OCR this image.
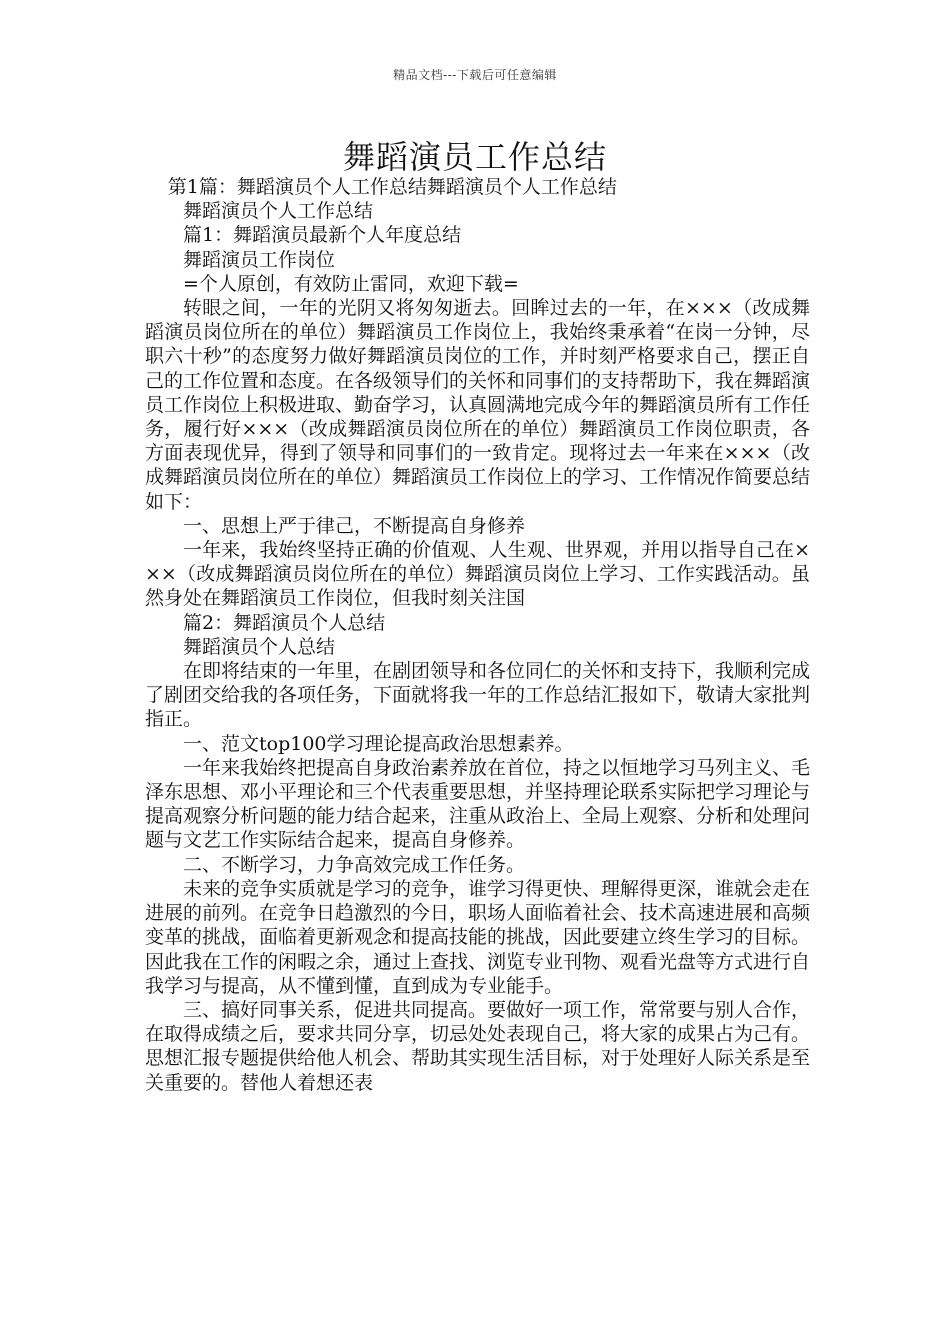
精品文档---下载后可任意编辑
舞蹈演员工作总结

第1篇：舞蹈演员个人工作总结舞蹈演员个人工作总结

舞蹈演员个人工作总结

篇1：舞蹈演员最新个人年度总结

舞蹈演员工作岗位

=个人原创，有效防止雷同，欢迎下载=

转眼之间，一年的光阴又将匆匆逝去。回眸过去的一年，在×××（改成舞蹈演员岗位所在的单位）舞蹈演员工作岗位上，我始终秉承着“在岗一分钟，尽职六十秒”的态度努力做好舞蹈演员岗位的工作，并时刻严格要求自己，摆正自己的工作位置和态度。在各级领导们的关怀和同事们的支持帮助下，我在舞蹈演员工作岗位上积极进取、勤奋学习，认真圆满地完成今年的舞蹈演员所有工作任务，履行好×××（改成舞蹈演员岗位所在的单位）舞蹈演员工作岗位职责，各方面表现优异，得到了领导和同事们的一致肯定。现将过去一年来在×××（改成舞蹈演员岗位所在的单位）舞蹈演员工作岗位上的学习、工作情况作简要总结如下：

一、思想上严于律己，不断提高自身修养

一年来，我始终坚持正确的价值观、人生观、世界观，并用以指导自己在×××（改成舞蹈演员岗位所在的单位）舞蹈演员岗位上学习、工作实践活动。虽然身处在舞蹈演员工作岗位，但我时刻关注国

篇2：舞蹈演员个人总结

舞蹈演员个人总结

在即将结束的一年里，在剧团领导和各位同仁的关怀和支持下，我顺利完成了剧团交给我的各项任务，下面就将我一年的工作总结汇报如下，敬请大家批判指正。

一、范文top100学习理论提高政治思想素养。

一年来我始终把提高自身政治素养放在首位，持之以恒地学习马列主义、毛泽东思想、邓小平理论和三个代表重要思想，并坚持理论联系实际把学习理论与提高观察分析问题的能力结合起来，注重从政治上、全局上观察、分析和处理问题与文艺工作实际结合起来，提高自身修养。

二、不断学习，力争高效完成工作任务。

未来的竞争实质就是学习的竞争，谁学习得更快、理解得更深，谁就会走在进展的前列。在竞争日趋激烈的今日，职场人面临着社会、技术高速进展和高频变革的挑战，面临着更新观念和提高技能的挑战，因此要建立终生学习的目标。因此我在工作的闲暇之余，通过上查找、浏览专业刊物、观看光盘等方式进行自我学习与提高，从不懂到懂，直到成为专业能手。

三、搞好同事关系，促进共同提高。要做好一项工作，常常要与别人合作，在取得成绩之后，要求共同分享，切忌处处表现自己，将大家的成果占为己有。思想汇报专题提供给他人机会、帮助其实现生活目标，对于处理好人际关系是至关重要的。替他人着想还表
